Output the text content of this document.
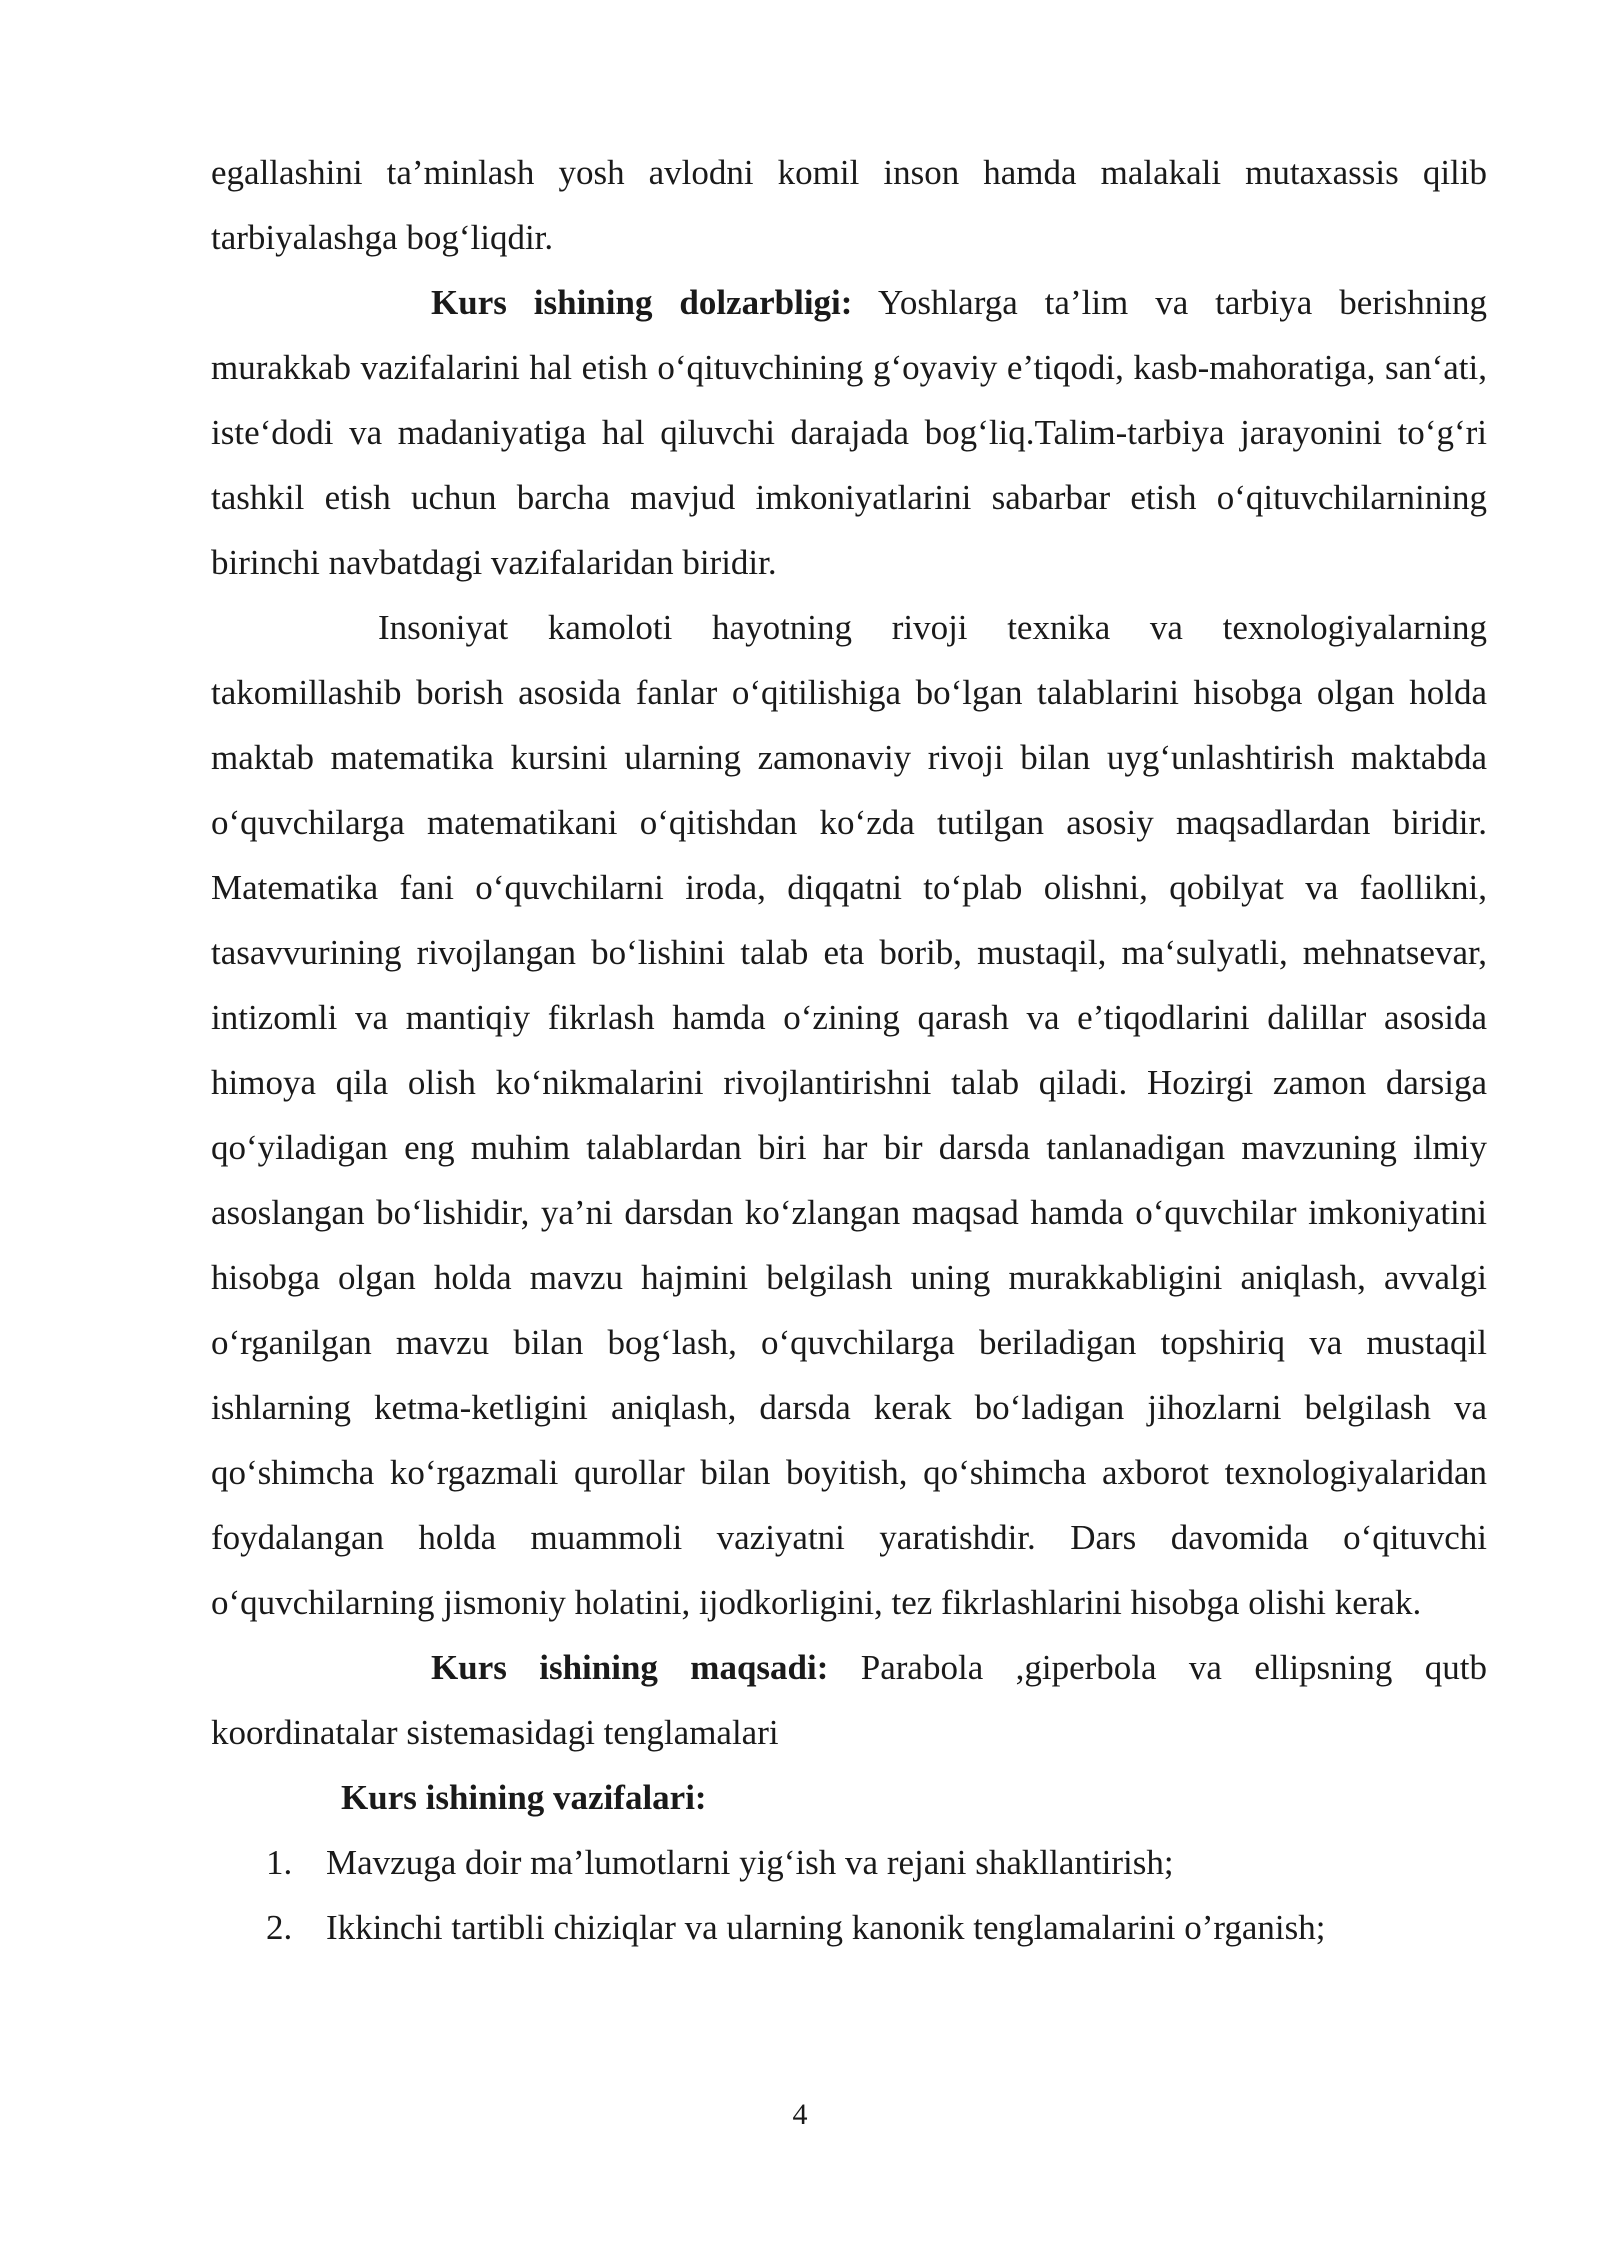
egallashini ta’minlash yosh avlodni komil inson hamda malakali mutaxassis qilib tarbiyalashga bog‘liqdir.

Kurs ishining dolzarbligi: Yoshlarga ta’lim va tarbiya berishning murakkab vazifalarini hal etish o‘qituvchining g‘oyaviy e’tiqodi, kasb-mahoratiga, san‘ati, iste‘dodi va madaniyatiga hal qiluvchi darajada bog‘liq.Talim-tarbiya jarayonini to‘g‘ri tashkil etish uchun barcha mavjud imkoniyatlarini sabarbar etish o‘qituvchilarnining birinchi navbatdagi vazifalaridan biridir.

Insoniyat kamoloti hayotning rivoji texnika va texnologiyalarning takomillashib borish asosida fanlar o‘qitilishiga bo‘lgan talablarini hisobga olgan holda maktab matematika kursini ularning zamonaviy rivoji bilan uyg‘unlashtirish maktabda o‘quvchilarga matematikani o‘qitishdan ko‘zda tutilgan asosiy maqsadlardan biridir. Matematika fani o‘quvchilarni iroda, diqqatni to‘plab olishni, qobilyat va faollikni, tasavvurining rivojlangan bo‘lishini talab eta borib, mustaqil, ma‘sulyatli, mehnatsevar, intizomli va mantiqiy fikrlash hamda o‘zining qarash va e’tiqodlarini dalillar asosida himoya qila olish ko‘nikmalarini rivojlantirishni talab qiladi. Hozirgi zamon darsiga qo‘yiladigan eng muhim talablardan biri har bir darsda tanlanadigan mavzuning ilmiy asoslangan bo‘lishidir, ya’ni darsdan ko‘zlangan maqsad hamda o‘quvchilar imkoniyatini hisobga olgan holda mavzu hajmini belgilash uning murakkabligini aniqlash, avvalgi o‘rganilgan mavzu bilan bog‘lash, o‘quvchilarga beriladigan topshiriq va mustaqil ishlarning ketma-ketligini aniqlash, darsda kerak bo‘ladigan jihozlarni belgilash va qo‘shimcha ko‘rgazmali qurollar bilan boyitish, qo‘shimcha axborot texnologiyalaridan foydalangan holda muammoli vaziyatni yaratishdir. Dars davomida o‘qituvchi o‘quvchilarning jismoniy holatini, ijodkorligini, tez fikrlashlarini hisobga olishi kerak.

Kurs ishining maqsadi: Parabola ,giperbola va ellipsning qutb koordinatalar sistemasidagi tenglamalari

Kurs ishining vazifalari:

1. Mavzuga doir ma’lumotlarni yig‘ish va rejani shakllantirish;
2. Ikkinchi tartibli chiziqlar va ularning kanonik tenglamalarini o’rganish;
4
